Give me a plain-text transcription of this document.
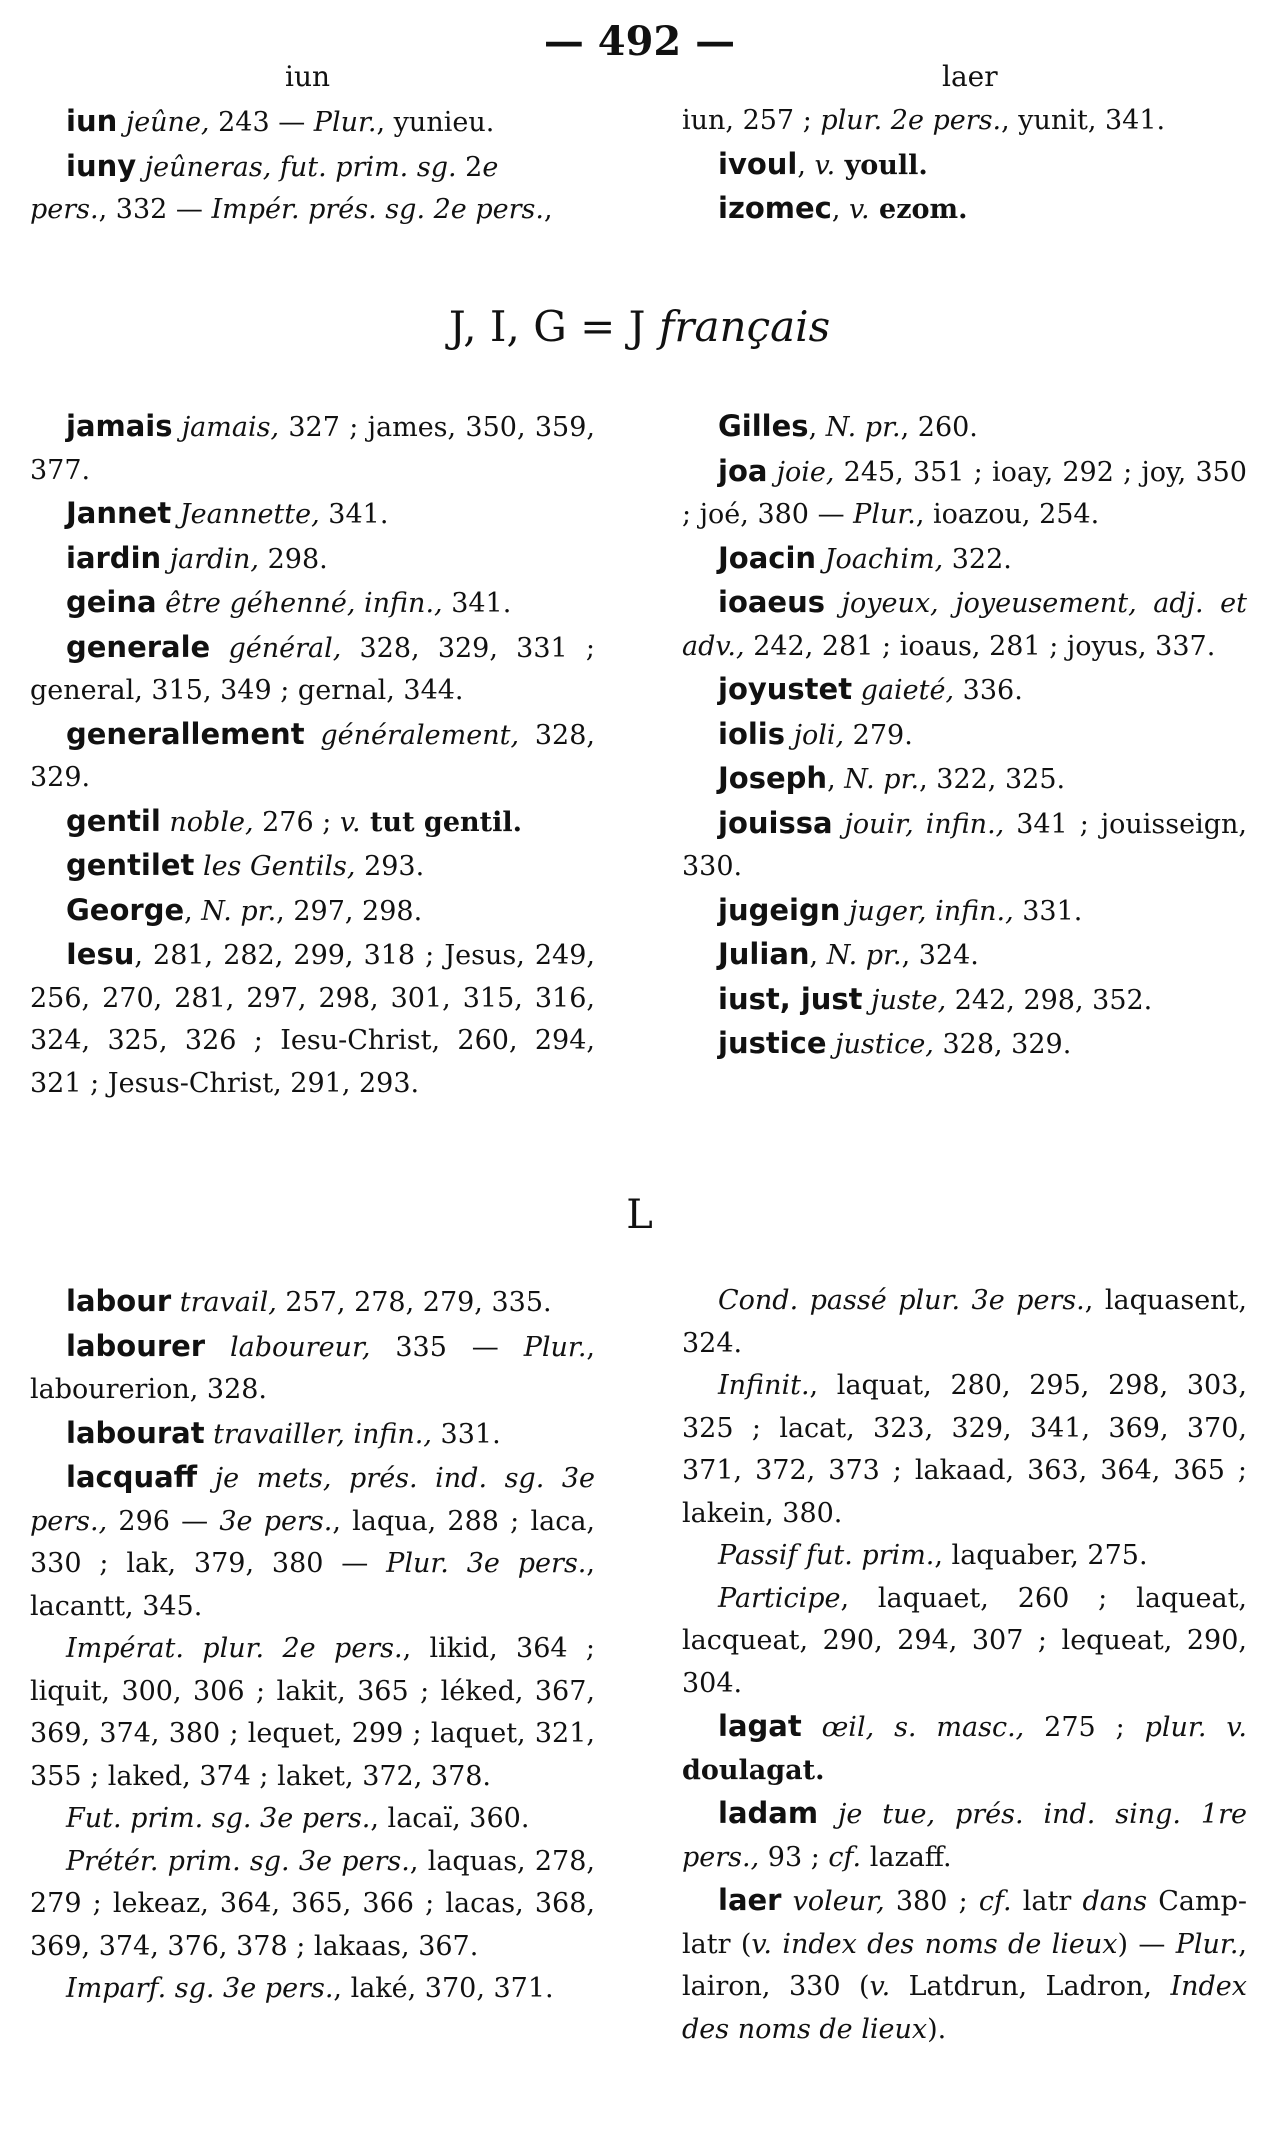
— 492 —
iun	laer

iun jeûne, 243 — Plur., yunieu.

iuny jeûneras, fut. prim. sg. 2e

pers., 332 — Impér. prés. sg. 2e pers.,

iun, 257 ; plur. 2e pers., yunit, 341.

ivoul, v. youll.

izomec, v. ezom.

J, I, G = J français

jamais jamais, 327 ; james, 350, 359, 377.

Jannet Jeannette, 341.

iardin jardin, 298.

geina être géhenné, infin., 341.

generale général, 328, 329, 331 ; general, 315, 349 ; gernal, 344.

generallement généralement, 328, 329.

gentil noble, 276 ; v. tut gentil.

gentilet les Gentils, 293.

George, N. pr., 297, 298.

Iesu, 281, 282, 299, 318 ; Jesus, 249, 256, 270, 281, 297, 298, 301, 315, 316, 324, 325, 326 ; Iesu-Christ, 260, 294, 321 ; Jesus-Christ, 291, 293.

Gilles, N. pr., 260.

joa joie, 245, 351 ; ioay, 292 ; joy, 350 ; joé, 380 — Plur., ioazou, 254.

Joacin Joachim, 322.

ioaeus joyeux, joyeusement, adj. et adv., 242, 281 ; ioaus, 281 ; joyus, 337.

joyustet gaieté, 336.

iolis joli, 279.

Joseph, N. pr., 322, 325.

jouissa jouir, infin., 341 ; jouisseign, 330.

jugeign juger, infin., 331.

Julian, N. pr., 324.

iust, just juste, 242, 298, 352.

justice justice, 328, 329.

L

labour travail, 257, 278, 279, 335.

labourer laboureur, 335 — Plur., labourerion, 328.

labourat travailler, infin., 331.

lacquaff je mets, prés. ind. sg. 3e pers., 296 — 3e pers., laqua, 288 ; laca, 330 ; lak, 379, 380 — Plur. 3e pers., lacantt, 345.

Impérat. plur. 2e pers., likid, 364 ; liquit, 300, 306 ; lakit, 365 ; léked, 367, 369, 374, 380 ; lequet, 299 ; laquet, 321, 355 ; laked, 374 ; laket, 372, 378.

Fut. prim. sg. 3e pers., lacaï, 360.

Prétér. prim. sg. 3e pers., laquas, 278, 279 ; lekeaz, 364, 365, 366 ; lacas, 368, 369, 374, 376, 378 ; lakaas, 367.

Imparf. sg. 3e pers., laké, 370, 371.

Cond. passé plur. 3e pers., laquasent, 324.

Infinit., laquat, 280, 295, 298, 303, 325 ; lacat, 323, 329, 341, 369, 370, 371, 372, 373 ; lakaad, 363, 364, 365 ; lakein, 380.

Passif fut. prim., laquaber, 275.

Participe, laquaet, 260 ; laqueat, lacqueat, 290, 294, 307 ; lequeat, 290, 304.

lagat œil, s. masc., 275 ; plur. v. doulagat.

ladam je tue, prés. ind. sing. 1re pers., 93 ; cf. lazaff.

laer voleur, 380 ; cf. latr dans Camp-latr (v. index des noms de lieux) — Plur., lairon, 330 (v. Latdrun, Ladron, Index des noms de lieux).
